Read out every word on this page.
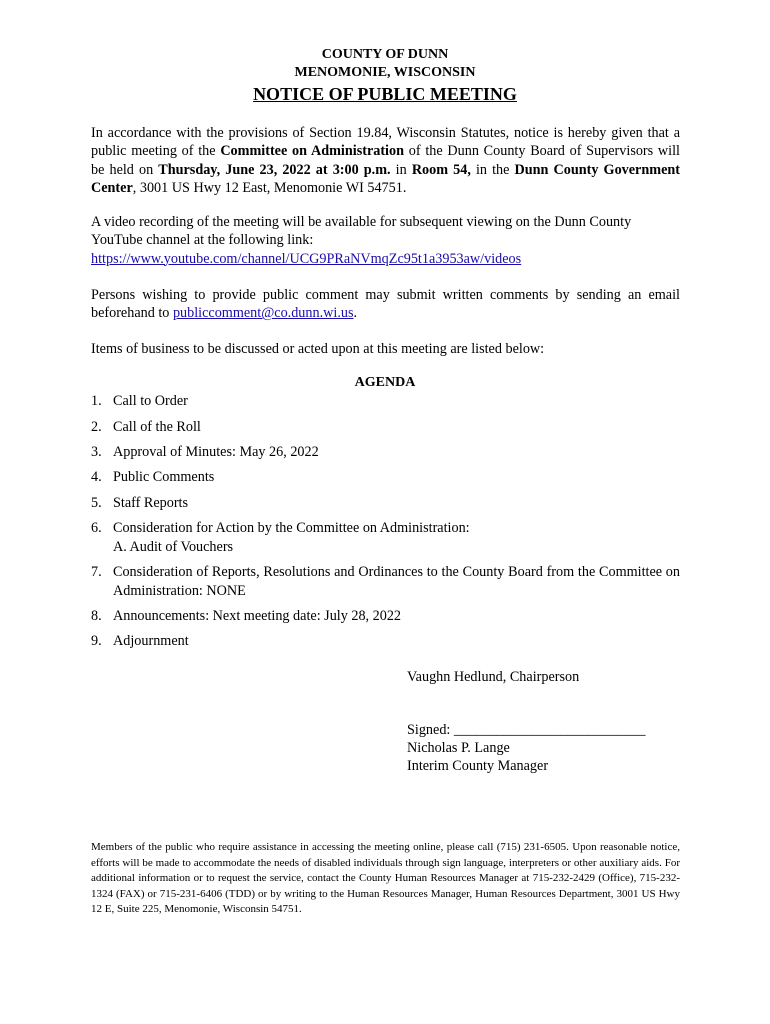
COUNTY OF DUNN
MENOMONIE, WISCONSIN
NOTICE OF PUBLIC MEETING

In accordance with the provisions of Section 19.84, Wisconsin Statutes, notice is hereby given that a public meeting of the Committee on Administration of the Dunn County Board of Supervisors will be held on Thursday, June 23, 2022 at 3:00 p.m. in Room 54, in the Dunn County Government Center, 3001 US Hwy 12 East, Menomonie WI 54751.

A video recording of the meeting will be available for subsequent viewing on the Dunn County YouTube channel at the following link:
https://www.youtube.com/channel/UCG9PRaNVmqZc95t1a3953aw/videos

Persons wishing to provide public comment may submit written comments by sending an email beforehand to publiccomment@co.dunn.wi.us.

Items of business to be discussed or acted upon at this meeting are listed below:

AGENDA
1. Call to Order
2. Call of the Roll
3. Approval of Minutes: May 26, 2022
4. Public Comments
5. Staff Reports
6. Consideration for Action by the Committee on Administration:
A. Audit of Vouchers
7. Consideration of Reports, Resolutions and Ordinances to the County Board from the Committee on Administration: NONE
8. Announcements: Next meeting date: July 28, 2022
9. Adjournment
Vaughn Hedlund, Chairperson
Signed: ___________________________
Nicholas P. Lange
Interim County Manager

Members of the public who require assistance in accessing the meeting online, please call (715) 231-6505. Upon reasonable notice, efforts will be made to accommodate the needs of disabled individuals through sign language, interpreters or other auxiliary aids. For additional information or to request the service, contact the County Human Resources Manager at 715-232-2429 (Office), 715-232-1324 (FAX) or 715-231-6406 (TDD) or by writing to the Human Resources Manager, Human Resources Department, 3001 US Hwy 12 E, Suite 225, Menomonie, Wisconsin 54751.
